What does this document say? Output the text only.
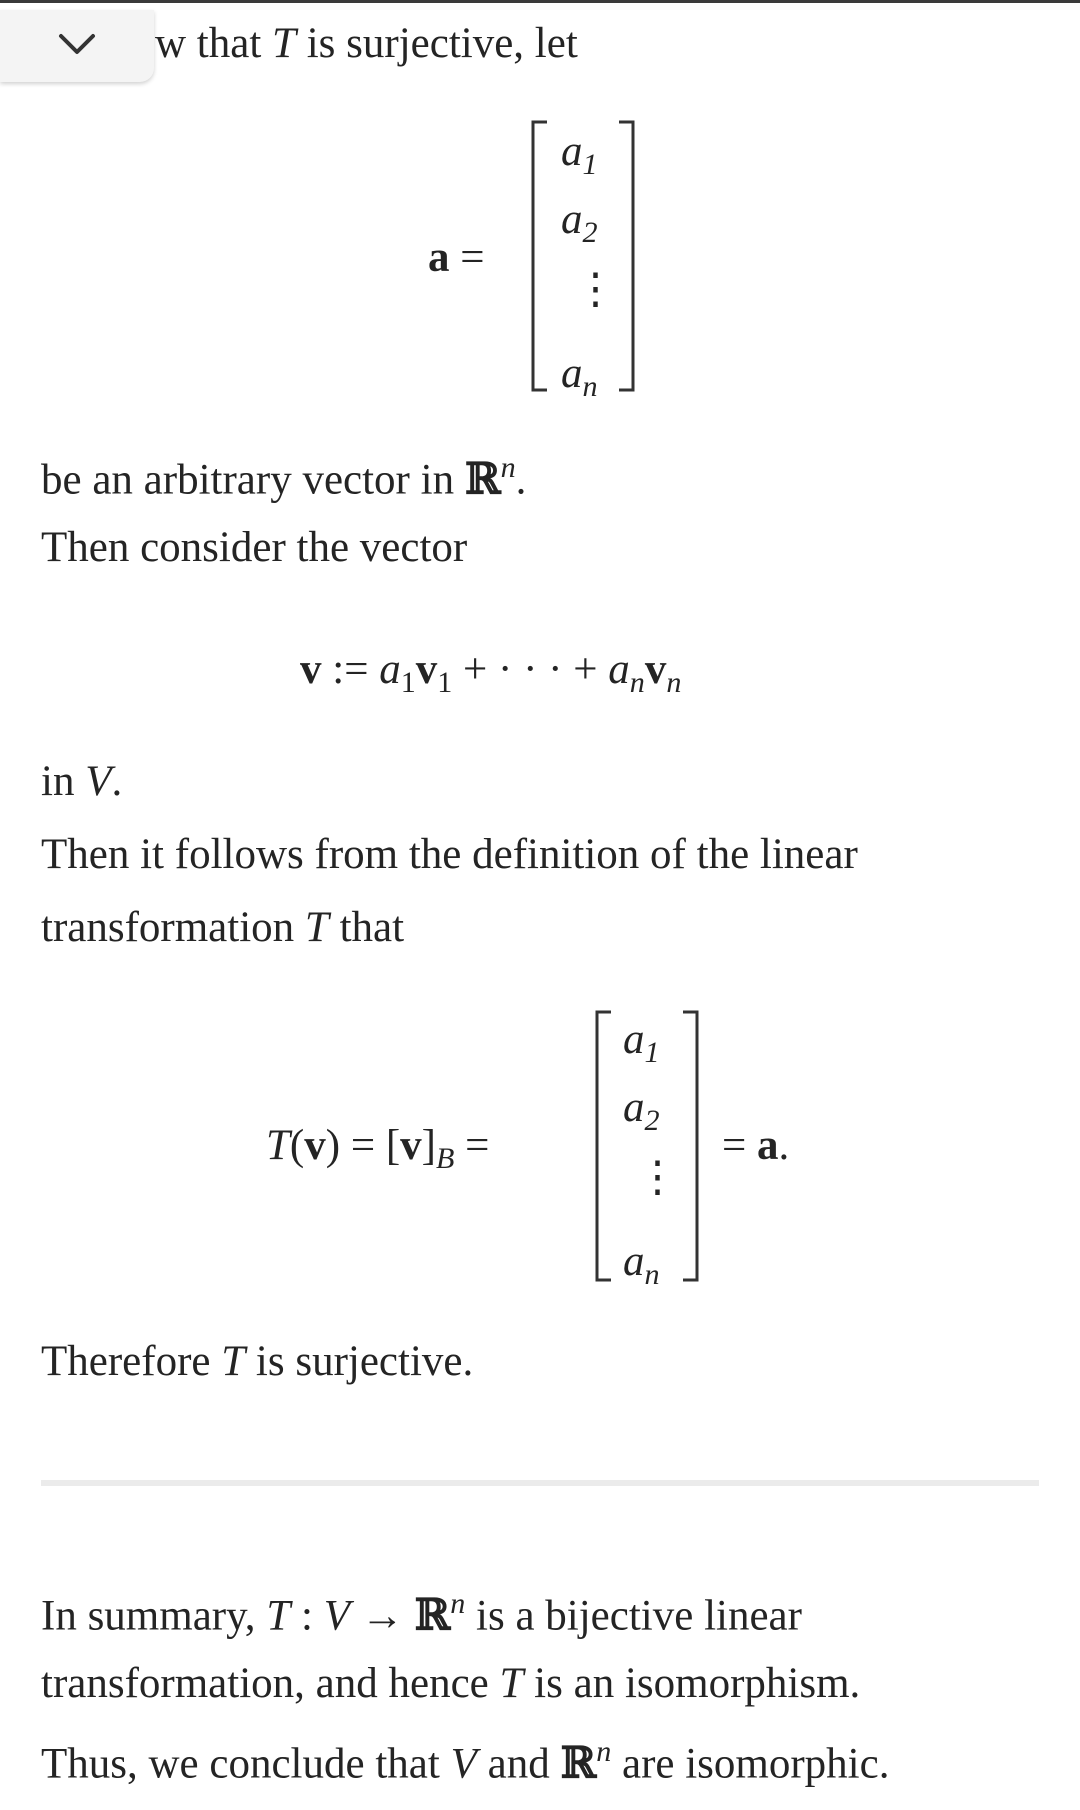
w that T is surjective, let
a =
$a_1$
$a_2$
⋮
$a_n$
be an arbitrary vector in ℝ$^n$.
Then consider the vector
v := $a_1v_1$ + · · · + $a_nv_n$
in V.
Then it follows from the definition of the linear
transformation T that
$T(v) = [v]_B$ =
$a_1$
$a_2$
⋮
$a_n$
= a.
Therefore T is surjective.
In summary, T : V → ℝ$^n$ is a bijective linear
transformation, and hence T is an isomorphism.
Thus, we conclude that V and ℝ$^n$ are isomorphic.
